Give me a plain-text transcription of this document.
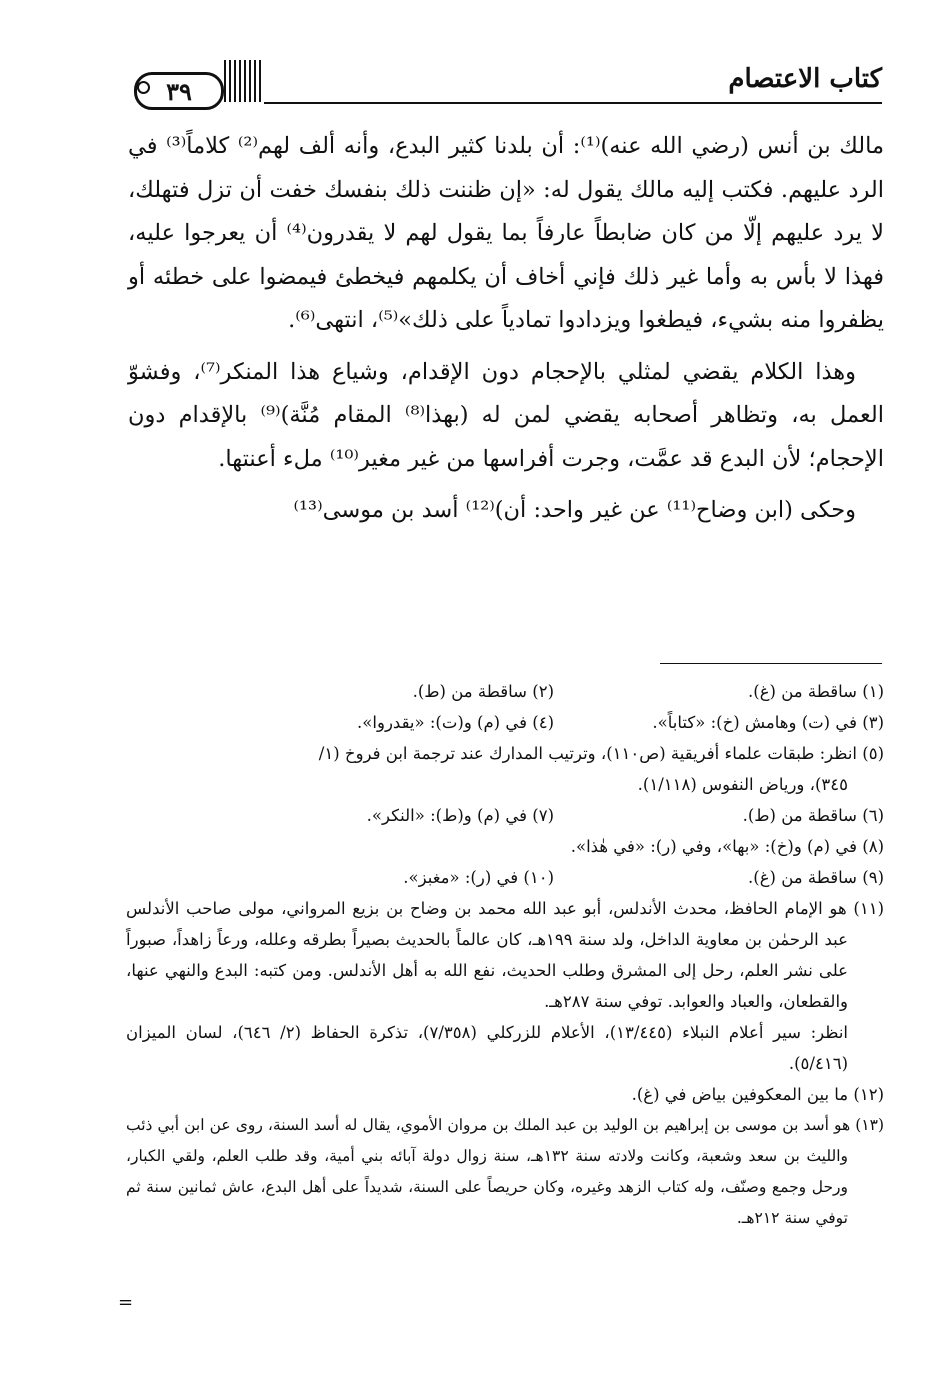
٣٩	كتاب الاعتصام

مالك بن أنس (رضي الله عنه)⁽¹⁾: أن بلدنا كثير البدع، وأنه ألف لهم⁽²⁾ كلاماً⁽³⁾ في الرد عليهم. فكتب إليه مالك يقول له: «إن ظننت ذلك بنفسك خفت أن تزل فتهلك، لا يرد عليهم إلّا من كان ضابطاً عارفاً بما يقول لهم لا يقدرون⁽⁴⁾ أن يعرجوا عليه، فهذا لا بأس به وأما غير ذلك فإني أخاف أن يكلمهم فيخطئ فيمضوا على خطئه أو يظفروا منه بشيء، فيطغوا ويزدادوا تمادياً على ذلك»⁽⁵⁾، انتهى⁽⁶⁾.

وهذا الكلام يقضي لمثلي بالإحجام دون الإقدام، وشياع هذا المنكر⁽⁷⁾، وفشوّ العمل به، وتظاهر أصحابه يقضي لمن له (بهذا⁽⁸⁾ المقام مُنَّة)⁽⁹⁾ بالإقدام دون الإحجام؛ لأن البدع قد عمَّت، وجرت أفراسها من غير مغير⁽¹⁰⁾ ملء أعنتها.

وحكى (ابن وضاح⁽¹¹⁾ عن غير واحد: أن)⁽¹²⁾ أسد بن موسى⁽¹³⁾

(١) ساقطة من (غ).
(٢) ساقطة من (ط).
(٣) في (ت) وهامش (خ): «كتاباً».
(٤) في (م) و(ت): «يقدروا».
(٥) انظر: طبقات علماء أفريقية (ص١١٠)، وترتيب المدارك عند ترجمة ابن فروخ (١/
٣٤٥)، ورياض النفوس (١/١١٨).
(٦) ساقطة من (ط).
(٧) في (م) و(ط): «النكر».
(٨) في (م) و(خ): «بها»، وفي (ر): «في هٰذا».
(٩) ساقطة من (غ).
(١٠) في (ر): «مغبز».
(١١) هو الإمام الحافظ، محدث الأندلس، أبو عبد الله محمد بن وضاح بن بزيع المرواني، مولى صاحب الأندلس عبد الرحمٰن بن معاوية الداخل، ولد سنة ١٩٩هـ، كان عالماً بالحديث بصيراً بطرقه وعلله، ورعاً زاهداً، صبوراً على نشر العلم، رحل إلى المشرق وطلب الحديث، نفع الله به أهل الأندلس. ومن كتبه: البدع والنهي عنها، والقطعان، والعباد والعوابد. توفي سنة ٢٨٧هـ.
انظر: سير أعلام النبلاء (١٣/٤٤٥)، الأعلام للزركلي (٧/٣٥٨)، تذكرة الحفاظ (٢/ ٦٤٦)، لسان الميزان (٥/٤١٦).
(١٢) ما بين المعكوفين بياض في (غ).
(١٣) هو أسد بن موسى بن إبراهيم بن الوليد بن عبد الملك بن مروان الأموي، يقال له أسد السنة، روى عن ابن أبي ذئب والليث بن سعد وشعبة، وكانت ولادته سنة ١٣٢هـ، سنة زوال دولة آبائه بني أمية، وقد طلب العلم، ولقي الكبار، ورحل وجمع وصنّف، وله كتاب الزهد وغيره، وكان حريصاً على السنة، شديداً على أهل البدع، عاش ثمانين سنة ثم توفي سنة ٢١٢هـ.
=
